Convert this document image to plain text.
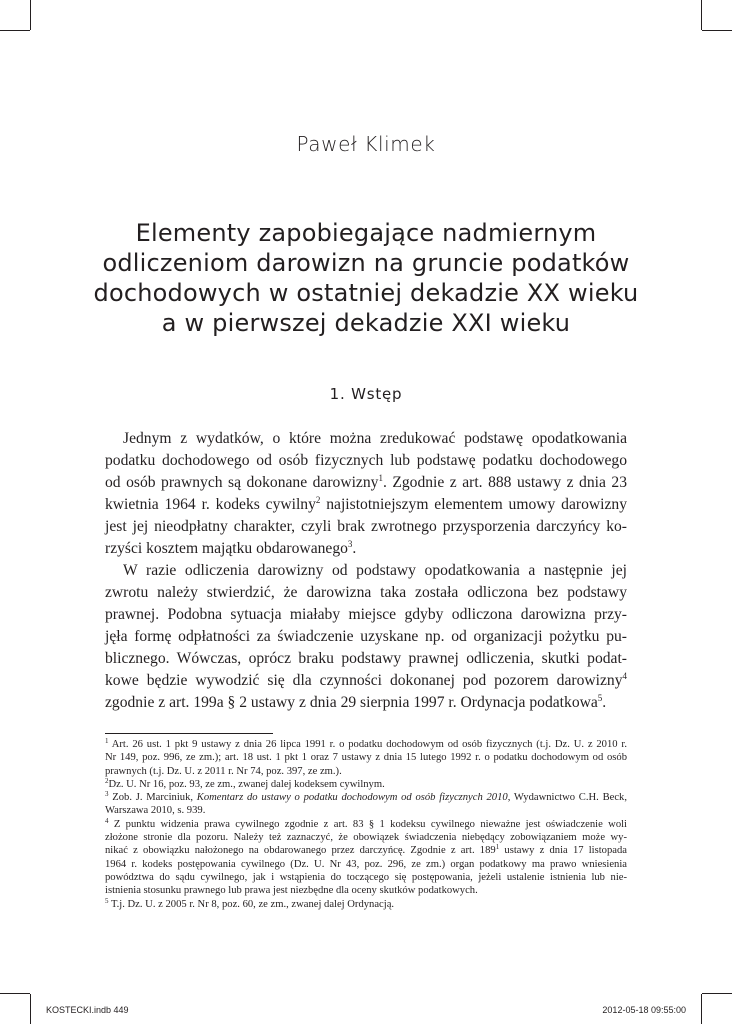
Paweł Klimek
Elementy zapobiegające nadmiernym
odliczeniom darowizn na gruncie podatków
dochodowych w ostatniej dekadzie XX wieku
a w pierwszej dekadzie XXI wieku
1. Wstęp
Jednym z wydatków, o które można zredukować podstawę opodatkowania
podatku dochodowego od osób fizycznych lub podstawę podatku dochodowego
od osób prawnych są dokonane darowizny$^1$. Zgodnie z art. 888 ustawy z dnia 23
kwietnia 1964 r. kodeks cywilny$^2$ najistotniejszym elementem umowy darowizny
jest jej nieodpłatny charakter, czyli brak zwrotnego przysporzenia darczyńcy ko-
rzyści kosztem majątku obdarowanego$^3$.
W razie odliczenia darowizny od podstawy opodatkowania a następnie jej
zwrotu należy stwierdzić, że darowizna taka została odliczona bez podstawy
prawnej. Podobna sytuacja miałaby miejsce gdyby odliczona darowizna przy-
jęła formę odpłatności za świadczenie uzyskane np. od organizacji pożytku pu-
blicznego. Wówczas, oprócz braku podstawy prawnej odliczenia, skutki podat-
kowe będzie wywodzić się dla czynności dokonanej pod pozorem darowizny$^4$
zgodnie z art. 199a § 2 ustawy z dnia 29 sierpnia 1997 r. Ordynacja podatkowa$^5$.
$^1$ Art. 26 ust. 1 pkt 9 ustawy z dnia 26 lipca 1991 r. o podatku dochodowym od osób fizycznych (t.j. Dz. U. z 2010 r.
Nr 149, poz. 996, ze zm.); art. 18 ust. 1 pkt 1 oraz 7 ustawy z dnia 15 lutego 1992 r. o podatku dochodowym od osób
prawnych (t.j. Dz. U. z 2011 r. Nr 74, poz. 397, ze zm.).
$^2$Dz. U. Nr 16, poz. 93, ze zm., zwanej dalej kodeksem cywilnym.
$^3$ Zob. J. Marciniuk, Komentarz do ustawy o podatku dochodowym od osób fizycznych 2010, Wydawnictwo C.H. Beck,
Warszawa 2010, s. 939.
$^4$ Z punktu widzenia prawa cywilnego zgodnie z art. 83 § 1 kodeksu cywilnego nieważne jest oświadczenie woli
złożone stronie dla pozoru. Należy też zaznaczyć, że obowiązek świadczenia niebędący zobowiązaniem może wy-
nikać z obowiązku nałożonego na obdarowanego przez darczyńcę. Zgodnie z art. $189^1$ ustawy z dnia 17 listopada
1964 r. kodeks postępowania cywilnego (Dz. U. Nr 43, poz. 296, ze zm.) organ podatkowy ma prawo wniesienia
powództwa do sądu cywilnego, jak i wstąpienia do toczącego się postępowania, jeżeli ustalenie istnienia lub nie-
istnienia stosunku prawnego lub prawa jest niezbędne dla oceny skutków podatkowych.
$^5$ T.j. Dz. U. z 2005 r. Nr 8, poz. 60, ze zm., zwanej dalej Ordynacją.
KOSTECKI.indb 449	2012-05-18 09:55:00
